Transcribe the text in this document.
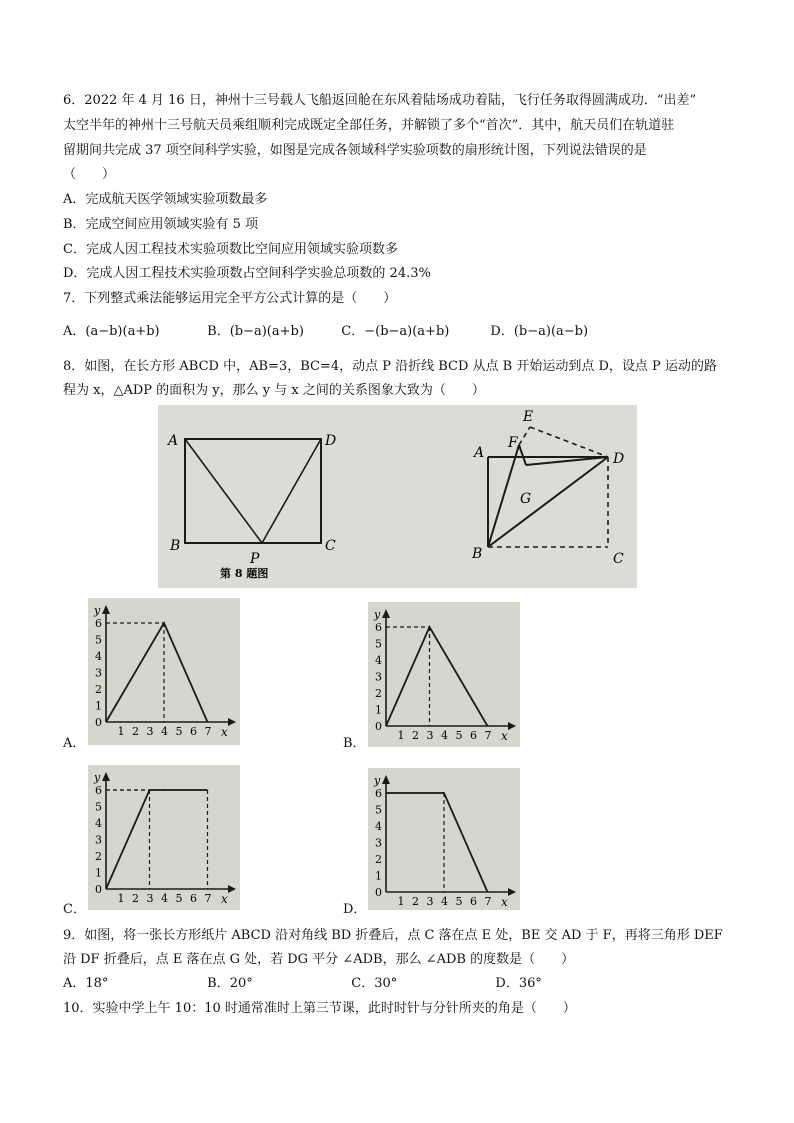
6．2022 年 4 月 16 日，神州十三号载人飞船返回舱在东风着陆场成功着陆，飞行任务取得圆满成功．“出差”
太空半年的神州十三号航天员乘组顺利完成既定全部任务，并解锁了多个“首次”．其中，航天员们在轨道驻
留期间共完成 37 项空间科学实验，如图是完成各领域科学实验项数的扇形统计图，下列说法错误的是
（　　）
A．完成航天医学领域实验项数最多
B．完成空间应用领域实验有 5 项
C．完成人因工程技术实验项数比空间应用领域实验项数多
D．完成人因工程技术实验项数占空间科学实验总项数的 24.3%
7．下列整式乘法能够运用完全平方公式计算的是（　　）
A．(a−b)(a+b)	B．(b−a)(a+b)	C．−(b−a)(a+b)	D．(b−a)(a−b)
8．如图，在长方形 ABCD 中，AB=3，BC=4，动点 P 沿折线 BCD 从点 B 开始运动到点 D，设点 P 运动的路
程为 x，△ADP 的面积为 y，那么 y 与 x 之间的关系图象大致为（　　）
A	D
B
P
C
第 8 题图
E
A
F
D
G
B	C
y
x
0
1
2
3
4
5
6
1 2 3 4 5 6 7
A．
y
x
0
1
2
3
4
5
6
1 2 3 4 5 6 7
B．
y
x
0
1
2
3
4
5
6
1 2 3 4 5 6 7
C．
y
x
0
1
2
3
4
5
6
1 2 3 4 5 6 7
D．
9．如图，将一张长方形纸片 ABCD 沿对角线 BD 折叠后，点 C 落在点 E 处，BE 交 AD 于 F，再将三角形 DEF
沿 DF 折叠后，点 E 落在点 G 处，若 DG 平分 ∠ADB，那么 ∠ADB 的度数是（　　）
A．18°	B．20°	C．30°	D．36°
10．实验中学上午 10：10 时通常准时上第三节课，此时时针与分针所夹的角是（　　）
